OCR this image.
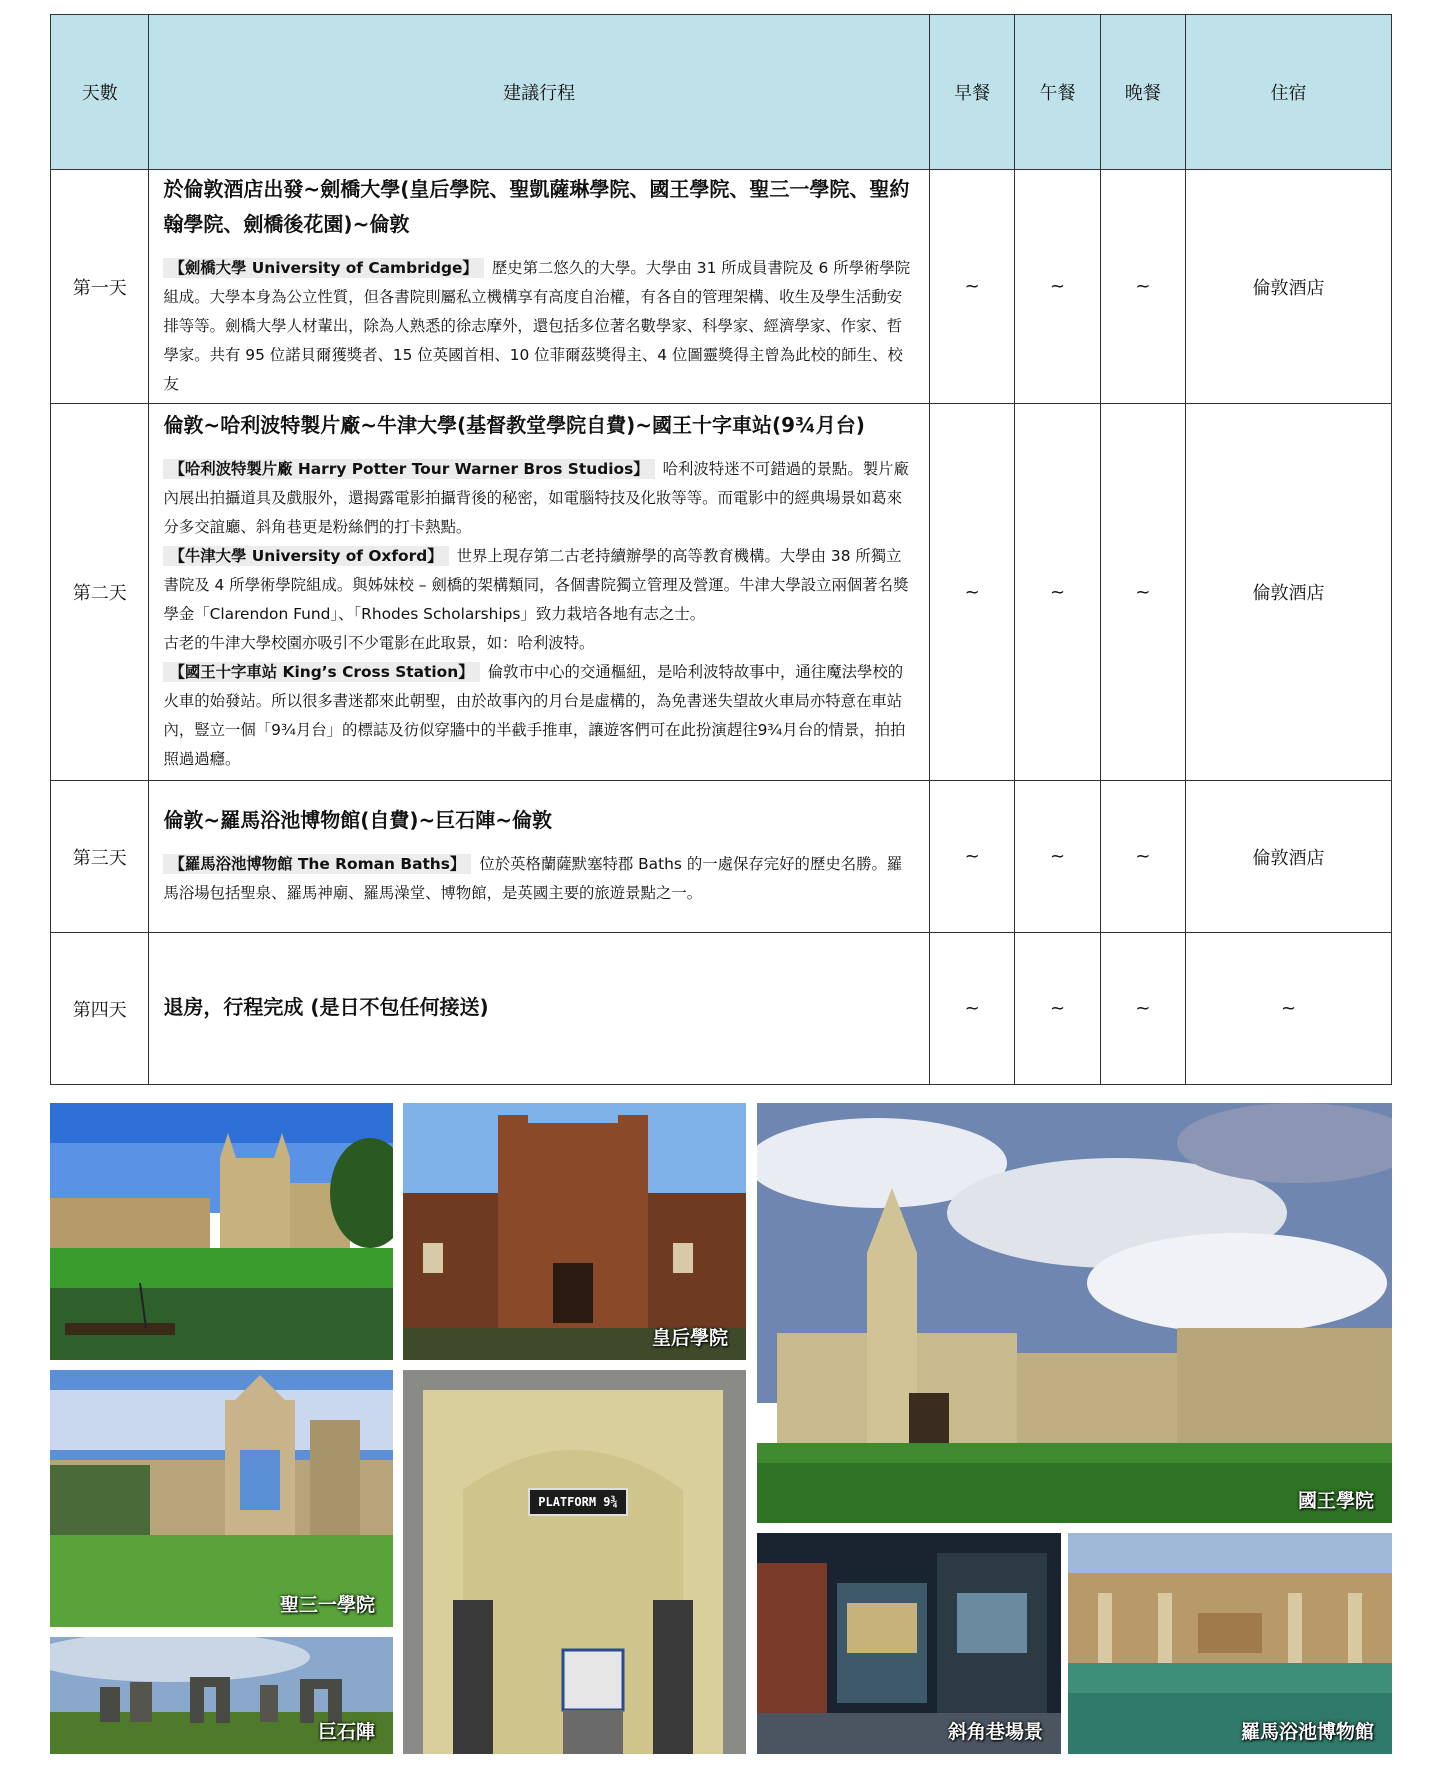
天數	建議行程	早餐	午餐	晚餐	住宿
第一天	於倫敦酒店出發~劍橋大學(皇后學院、聖凱薩琳學院、國王學院、聖三一學院、聖約翰學院、劍橋後花園)~倫敦

【劍橋大學 University of Cambridge】 歷史第二悠久的大學。大學由 31 所成員書院及 6 所學術學院組成。大學本身為公立性質，但各書院則屬私立機構享有高度自治權，有各自的管理架構、收生及學生活動安排等等。劍橋大學人材輩出，除為人熟悉的徐志摩外，還包括多位著名數學家、科學家、經濟學家、作家、哲學家。共有 95 位諾貝爾獲獎者、15 位英國首相、10 位菲爾茲獎得主、4 位圖靈獎得主曾為此校的師生、校友	~	~	~	倫敦酒店
第二天	倫敦~哈利波特製片廠~牛津大學(基督教堂學院自費)~國王十字車站(9¾月台)

【哈利波特製片廠 Harry Potter Tour Warner Bros Studios】 哈利波特迷不可錯過的景點。製片廠內展出拍攝道具及戲服外，還揭露電影拍攝背後的秘密，如電腦特技及化妝等等。而電影中的經典場景如葛來分多交誼廳、斜角巷更是粉絲們的打卡熱點。

【牛津大學 University of Oxford】 世界上現存第二古老持續辦學的高等教育機構。大學由 38 所獨立書院及 4 所學術學院組成。與姊妹校 – 劍橋的架構類同，各個書院獨立管理及營運。牛津大學設立兩個著名獎學金「Clarendon Fund」、「Rhodes Scholarships」致力栽培各地有志之士。

古老的牛津大學校園亦吸引不少電影在此取景，如：哈利波特。

【國王十字車站 King’s Cross Station】 倫敦市中心的交通樞紐，是哈利波特故事中，通往魔法學校的火車的始發站。所以很多書迷都來此朝聖，由於故事內的月台是虛構的，為免書迷失望故火車局亦特意在車站內，豎立一個「9¾月台」的標誌及彷似穿牆中的半截手推車，讓遊客們可在此扮演趕往9¾月台的情景，拍拍照過過癮。	~	~	~	倫敦酒店
第三天	倫敦~羅馬浴池博物館(自費)~巨石陣~倫敦

【羅馬浴池博物館 The Roman Baths】 位於英格蘭薩默塞特郡 Baths 的一處保存完好的歷史名勝。羅馬浴場包括聖泉、羅馬神廟、羅馬澡堂、博物館，是英國主要的旅遊景點之一。	~	~	~	倫敦酒店
第四天	退房，行程完成 (是日不包任何接送)	~	~	~	~
皇后學院
國王學院
聖三一學院
PLATFORM 9¾
斜角巷場景	羅馬浴池博物館
巨石陣
